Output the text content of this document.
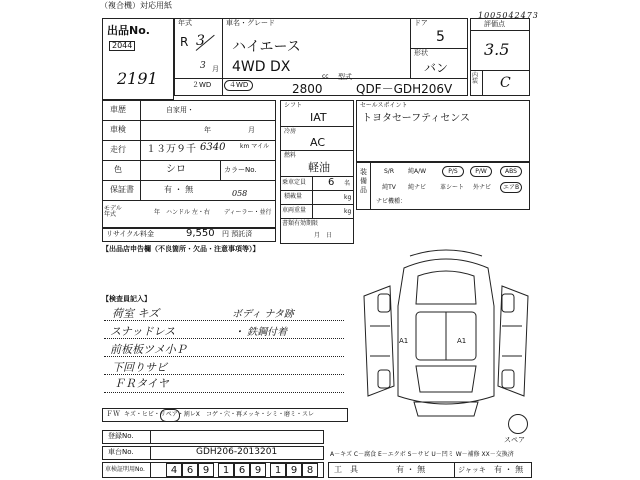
（複合機）対応用紙
1005042473
出品No.
2044
2191
年式
R 3
3 月
車名・グレード
ハイエース
4WD DX
ドア
5
形状
バン
２WD	４WD
cc
2800
型式
QDF－GDH206V
評価点
3.5
内装 C
車歴	自家用・
車検	年	月
走行 １３万９千 6340 km マイル
色	シロ	カラーNo.
保証書	有 ・ 無	058
モデル年式	年 ハンドル 左・右 ディーラー・並行
リサイクル料金	9,550 円 預託済
【出品店申告欄（不良箇所・欠品・注意事項等）】
シフト
IAT
冷房
AC
燃料
軽油
乗車定員 6 名
積載量	kg
車両重量	kg
書類有効期限
月　日
セールスポイント
トヨタセーフティセンス
装備品
S/R	純A/W	P/S	P/W	ABS
純TV	純ナビ	革シート	外ナビ	エアB
ナビ機種：
A1	A1
スペア
【検査員記入】
荷室 キズ
スナッドレス
前板板ツメ小Ｐ
下回りサビ
ＦＲタイヤ
ボディ ナタ跡
・ 鉄鋼付着
ＦＷ キズ・ヒビ・リペア・割レX コゲ・穴・再メッキ・シミ・磨ミ・スレ
登録No.
車台No.	GDH206-2013201
車検証明用No.	4 6 9	1 6 9	1 9 8
A－キズ C－腐食 E－エクボ S－サビ U－凹ミ W－補修 XX－交換済
工 具	有 ・ 無	ジャッキ 有 ・ 無
